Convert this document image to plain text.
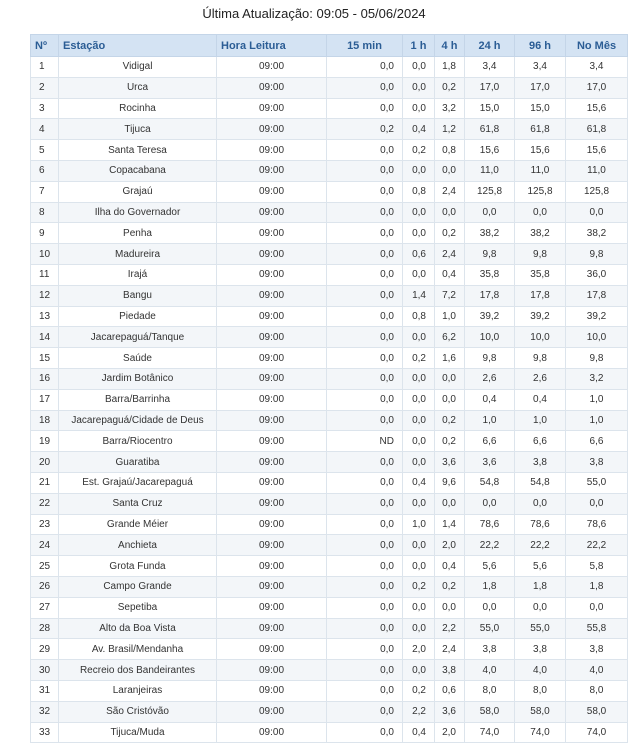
Última Atualização: 09:05 - 05/06/2024
Nº	Estação	Hora Leitura	15 min	1 h	4 h	24 h	96 h	No Mês
1	Vidigal	09:00	0,0	0,0	1,8	3,4	3,4	3,4
2	Urca	09:00	0,0	0,0	0,2	17,0	17,0	17,0
3	Rocinha	09:00	0,0	0,0	3,2	15,0	15,0	15,6
4	Tijuca	09:00	0,2	0,4	1,2	61,8	61,8	61,8
5	Santa Teresa	09:00	0,0	0,2	0,8	15,6	15,6	15,6
6	Copacabana	09:00	0,0	0,0	0,0	11,0	11,0	11,0
7	Grajaú	09:00	0,0	0,8	2,4	125,8	125,8	125,8
8	Ilha do Governador	09:00	0,0	0,0	0,0	0,0	0,0	0,0
9	Penha	09:00	0,0	0,0	0,2	38,2	38,2	38,2
10	Madureira	09:00	0,0	0,6	2,4	9,8	9,8	9,8
11	Irajá	09:00	0,0	0,0	0,4	35,8	35,8	36,0
12	Bangu	09:00	0,0	1,4	7,2	17,8	17,8	17,8
13	Piedade	09:00	0,0	0,8	1,0	39,2	39,2	39,2
14	Jacarepaguá/Tanque	09:00	0,0	0,0	6,2	10,0	10,0	10,0
15	Saúde	09:00	0,0	0,2	1,6	9,8	9,8	9,8
16	Jardim Botânico	09:00	0,0	0,0	0,0	2,6	2,6	3,2
17	Barra/Barrinha	09:00	0,0	0,0	0,0	0,4	0,4	1,0
18	Jacarepaguá/Cidade de Deus	09:00	0,0	0,0	0,2	1,0	1,0	1,0
19	Barra/Riocentro	09:00	ND	0,0	0,2	6,6	6,6	6,6
20	Guaratiba	09:00	0,0	0,0	3,6	3,6	3,8	3,8
21	Est. Grajaú/Jacarepaguá	09:00	0,0	0,4	9,6	54,8	54,8	55,0
22	Santa Cruz	09:00	0,0	0,0	0,0	0,0	0,0	0,0
23	Grande Méier	09:00	0,0	1,0	1,4	78,6	78,6	78,6
24	Anchieta	09:00	0,0	0,0	2,0	22,2	22,2	22,2
25	Grota Funda	09:00	0,0	0,0	0,4	5,6	5,6	5,8
26	Campo Grande	09:00	0,0	0,2	0,2	1,8	1,8	1,8
27	Sepetiba	09:00	0,0	0,0	0,0	0,0	0,0	0,0
28	Alto da Boa Vista	09:00	0,0	0,0	2,2	55,0	55,0	55,8
29	Av. Brasil/Mendanha	09:00	0,0	2,0	2,4	3,8	3,8	3,8
30	Recreio dos Bandeirantes	09:00	0,0	0,0	3,8	4,0	4,0	4,0
31	Laranjeiras	09:00	0,0	0,2	0,6	8,0	8,0	8,0
32	São Cristóvão	09:00	0,0	2,2	3,6	58,0	58,0	58,0
33	Tijuca/Muda	09:00	0,0	0,4	2,0	74,0	74,0	74,0
